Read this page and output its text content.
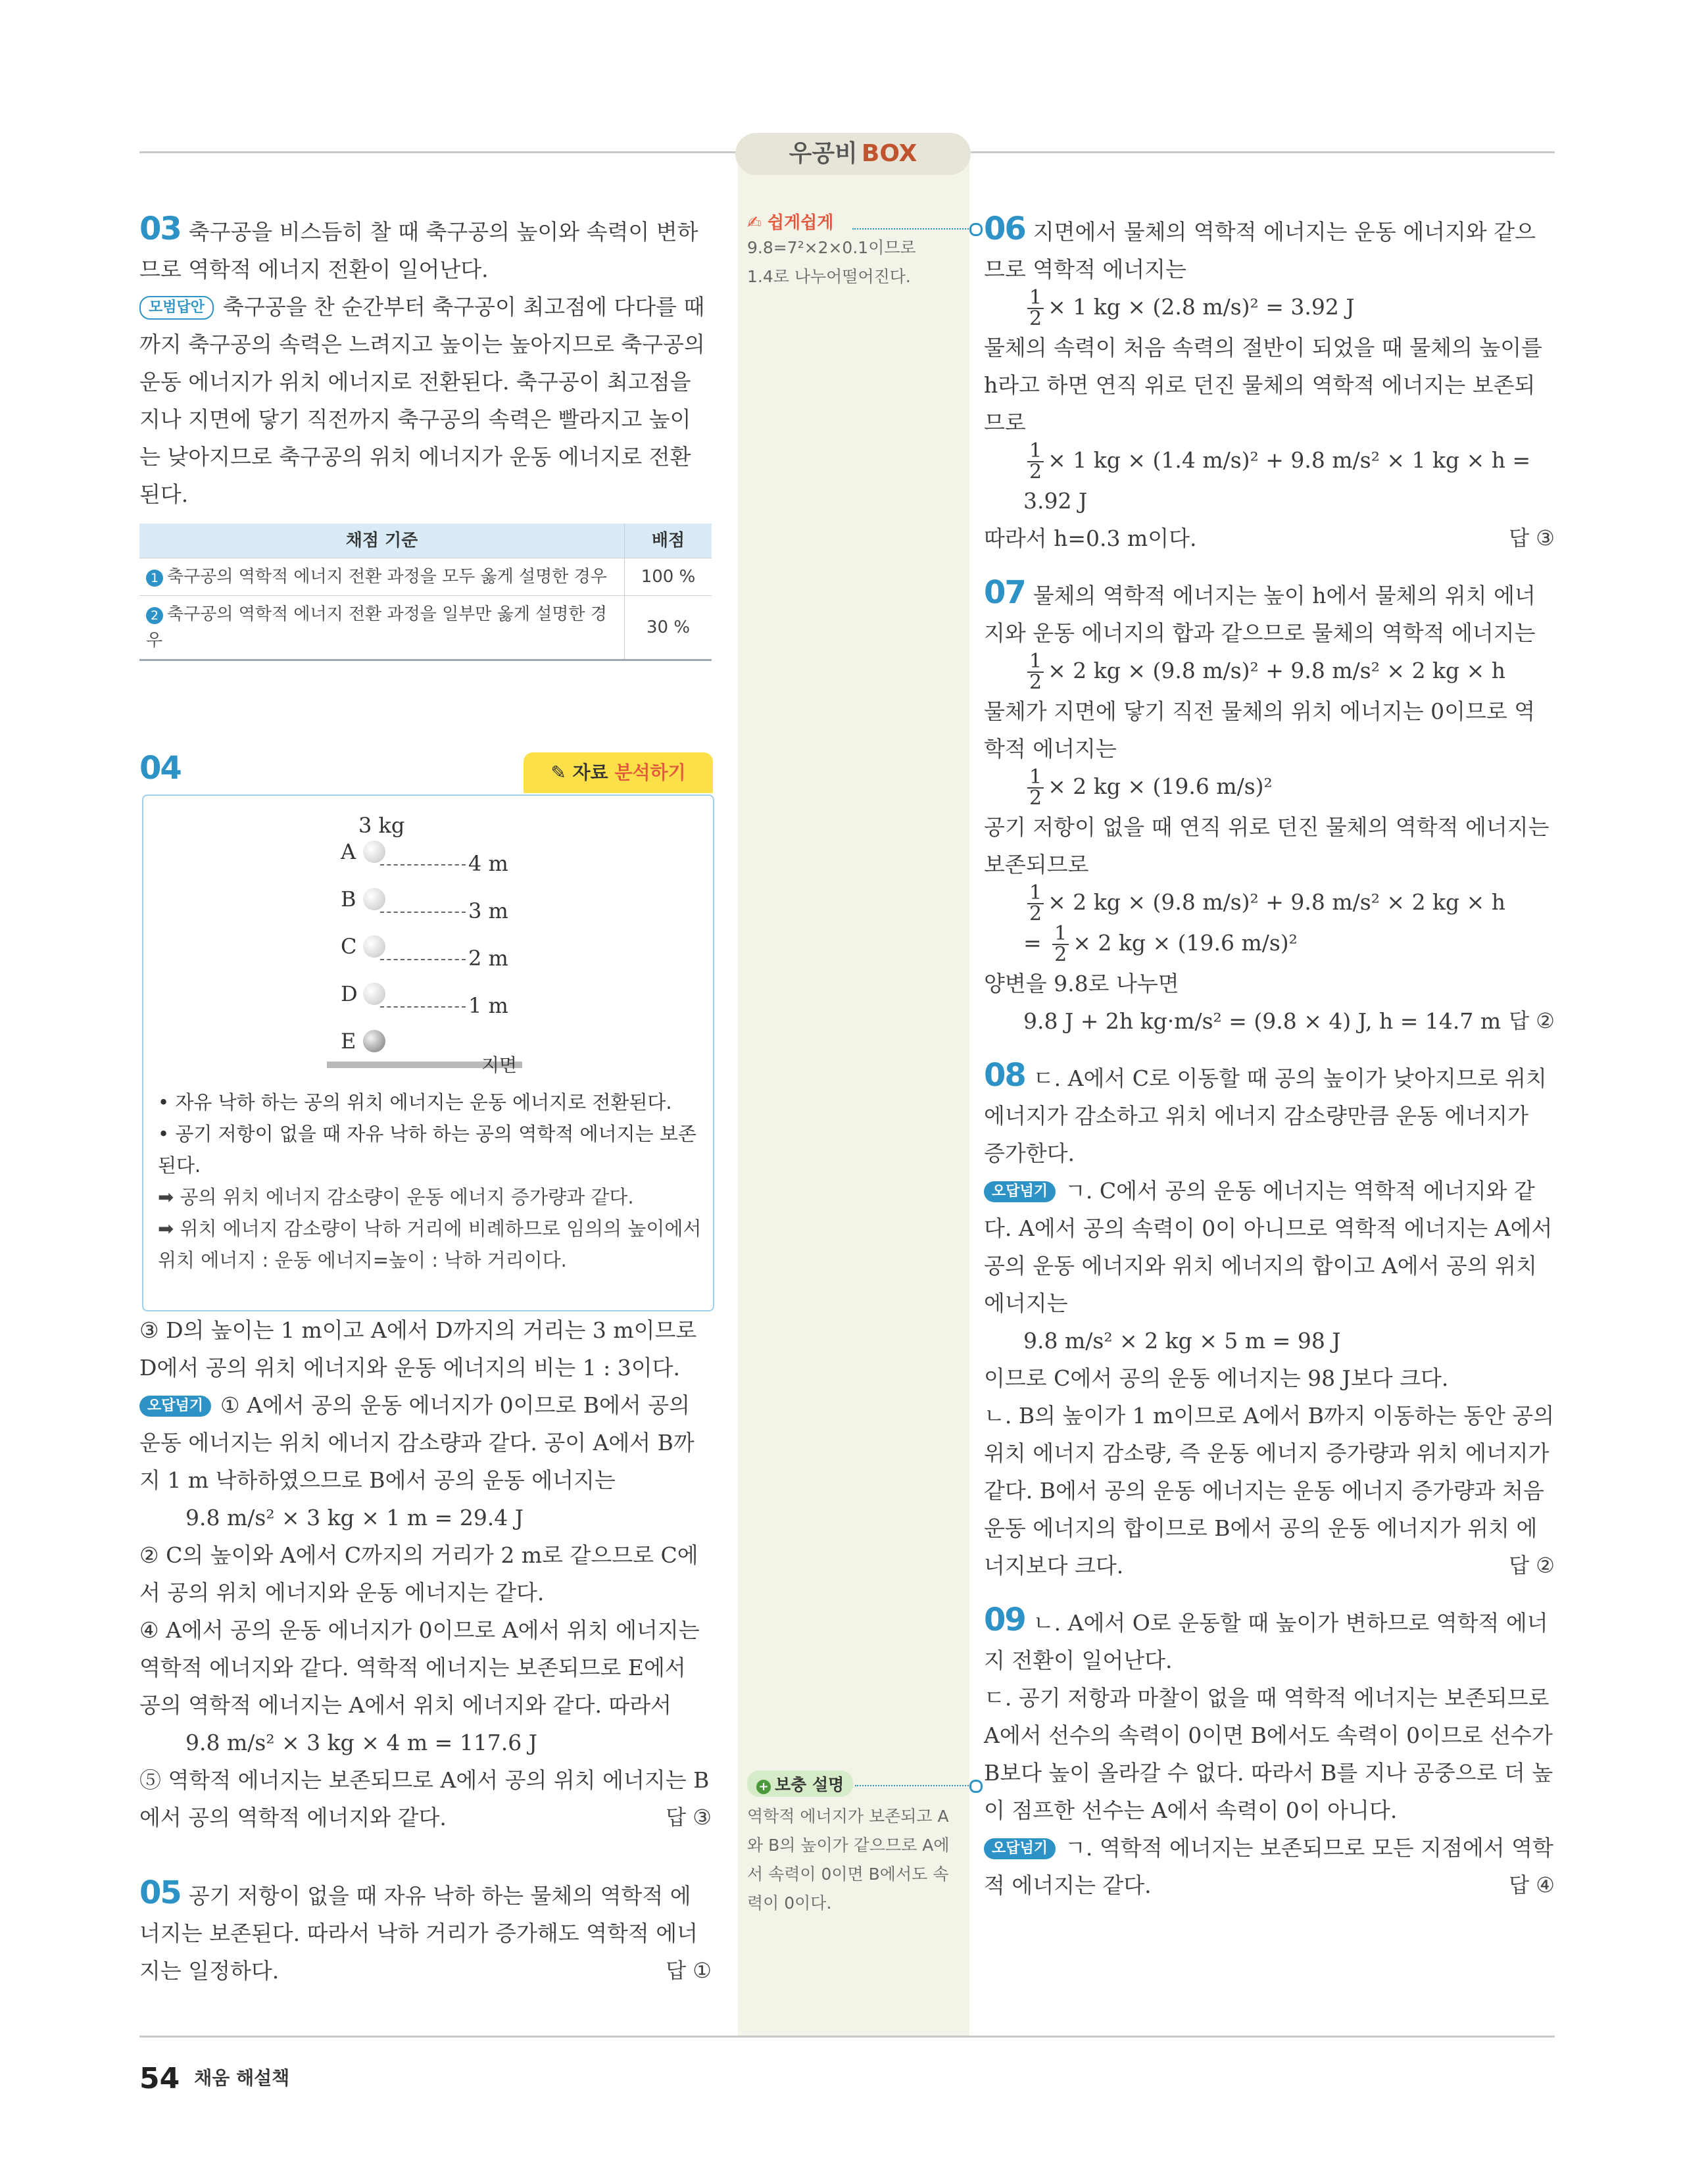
우공비 BOX

03 축구공을 비스듬히 찰 때 축구공의 높이와 속력이 변하므로 역학적 에너지 전환이 일어난다.

모범답안 축구공을 찬 순간부터 축구공이 최고점에 다다를 때까지 축구공의 속력은 느려지고 높이는 높아지므로 축구공의 운동 에너지가 위치 에너지로 전환된다. 축구공이 최고점을 지나 지면에 닿기 직전까지 축구공의 속력은 빨라지고 높이는 낮아지므로 축구공의 위치 에너지가 운동 에너지로 전환된다.

채점 기준	배점
1 축구공의 역학적 에너지 전환 과정을 모두 옳게 설명한 경우	100 %
2 축구공의 역학적 에너지 전환 과정을 일부만 옳게 설명한 경우	30 %
04	✎ 자료 분석하기
3 kg
A	4 m
B	3 m
C	2 m
D	1 m
E
지면
• 자유 낙하 하는 공의 위치 에너지는 운동 에너지로 전환된다.
• 공기 저항이 없을 때 자유 낙하 하는 공의 역학적 에너지는 보존된다.
➡ 공의 위치 에너지 감소량이 운동 에너지 증가량과 같다.
➡ 위치 에너지 감소량이 낙하 거리에 비례하므로 임의의 높이에서 위치 에너지 : 운동 에너지=높이 : 낙하 거리이다.

③ D의 높이는 1 m이고 A에서 D까지의 거리는 3 m이므로 D에서 공의 위치 에너지와 운동 에너지의 비는 1 : 3이다.

오답넘기 ① A에서 공의 운동 에너지가 0이므로 B에서 공의 운동 에너지는 위치 에너지 감소량과 같다. 공이 A에서 B까지 1 m 낙하하였으므로 B에서 공의 운동 에너지는

9.8 m/s² × 3 kg × 1 m = 29.4 J

② C의 높이와 A에서 C까지의 거리가 2 m로 같으므로 C에서 공의 위치 에너지와 운동 에너지는 같다.

④ A에서 공의 운동 에너지가 0이므로 A에서 위치 에너지는 역학적 에너지와 같다. 역학적 에너지는 보존되므로 E에서 공의 역학적 에너지는 A에서 위치 에너지와 같다. 따라서

9.8 m/s² × 3 kg × 4 m = 117.6 J

⑤ 역학적 에너지는 보존되므로 A에서 공의 위치 에너지는 B에서 공의 역학적 에너지와 같다.	답 ③

05 공기 저항이 없을 때 자유 낙하 하는 물체의 역학적 에너지는 보존된다. 따라서 낙하 거리가 증가해도 역학적 에너지는 일정하다.	답 ①

✍ 쉽게쉽게
9.8=7²×2×0.1이므로
1.4로 나누어떨어진다.
+ 보충 설명
역학적 에너지가 보존되고 A와 B의 높이가 같으므로 A에서 속력이 0이면 B에서도 속력이 0이다.

06 지면에서 물체의 역학적 에너지는 운동 에너지와 같으므로 역학적 에너지는

$\frac{1}{2} \times 1$ kg × (2.8 m/s)² = 3.92 J

물체의 속력이 처음 속력의 절반이 되었을 때 물체의 높이를 h라고 하면 연직 위로 던진 물체의 역학적 에너지는 보존되므로

$\frac{1}{2} \times 1$ kg × (1.4 m/s)² + 9.8 m/s² × 1 kg × h = 3.92 J

따라서 h=0.3 m이다.	답 ③

07 물체의 역학적 에너지는 높이 h에서 물체의 위치 에너지와 운동 에너지의 합과 같으므로 물체의 역학적 에너지는

$\frac{1}{2} \times 2$ kg × (9.8 m/s)² + 9.8 m/s² × 2 kg × h

물체가 지면에 닿기 직전 물체의 위치 에너지는 0이므로 역학적 에너지는

$\frac{1}{2} \times 2$ kg × (19.6 m/s)²

공기 저항이 없을 때 연직 위로 던진 물체의 역학적 에너지는 보존되므로

$\frac{1}{2} \times 2$ kg × (9.8 m/s)² + 9.8 m/s² × 2 kg × h

= $\frac{1}{2} \times 2$ kg × (19.6 m/s)²

양변을 9.8로 나누면

9.8 J + 2h kg·m/s² = (9.8 × 4) J, h = 14.7 m 답 ②

08 ㄷ. A에서 C로 이동할 때 공의 높이가 낮아지므로 위치 에너지가 감소하고 위치 에너지 감소량만큼 운동 에너지가 증가한다.

오답넘기 ㄱ. C에서 공의 운동 에너지는 역학적 에너지와 같다. A에서 공의 속력이 0이 아니므로 역학적 에너지는 A에서 공의 운동 에너지와 위치 에너지의 합이고 A에서 공의 위치 에너지는

9.8 m/s² × 2 kg × 5 m = 98 J

이므로 C에서 공의 운동 에너지는 98 J보다 크다.

ㄴ. B의 높이가 1 m이므로 A에서 B까지 이동하는 동안 공의 위치 에너지 감소량, 즉 운동 에너지 증가량과 위치 에너지가 같다. B에서 공의 운동 에너지는 운동 에너지 증가량과 처음 운동 에너지의 합이므로 B에서 공의 운동 에너지가 위치 에너지보다 크다.	답 ②

09 ㄴ. A에서 O로 운동할 때 높이가 변하므로 역학적 에너지 전환이 일어난다.

ㄷ. 공기 저항과 마찰이 없을 때 역학적 에너지는 보존되므로 A에서 선수의 속력이 0이면 B에서도 속력이 0이므로 선수가 B보다 높이 올라갈 수 없다. 따라서 B를 지나 공중으로 더 높이 점프한 선수는 A에서 속력이 0이 아니다.

오답넘기 ㄱ. 역학적 에너지는 보존되므로 모든 지점에서 역학적 에너지는 같다.	답 ④

54 채움 해설책
